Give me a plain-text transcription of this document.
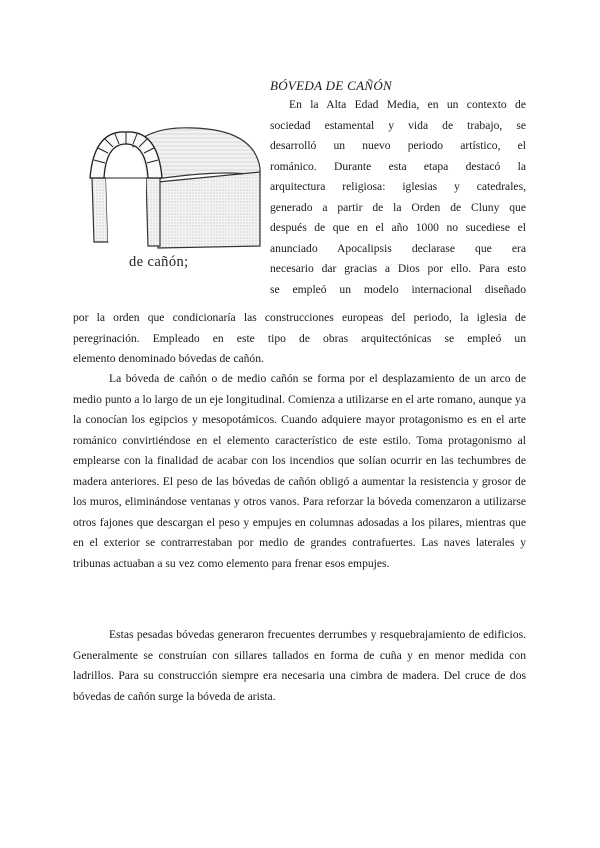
BÓVEDA DE CAÑÓN
de cañón;
En la Alta Edad Media, en un contexto de
sociedad estamental y vida de trabajo, se
desarrolló un nuevo periodo artístico, el
románico. Durante esta etapa destacó la
arquitectura religiosa: iglesias y catedrales,
generado a partir de la Orden de Cluny que
después de que en el año 1000 no sucediese el
anunciado Apocalipsis declarase que era
necesario dar gracias a Dios por ello. Para esto
se empleó un modelo internacional diseñado
por la orden que condicionaría las construcciones europeas del periodo, la iglesia de
peregrinación. Empleado en este tipo de obras arquitectónicas se empleó un
elemento denominado bóvedas de cañón.

La bóveda de cañón o de medio cañón se forma por el desplazamiento de un arco de medio punto a lo largo de un eje longitudinal. Comienza a utilizarse en el arte romano, aunque ya la conocían los egipcios y mesopotámicos. Cuando adquiere mayor protagonismo es en el arte románico convirtiéndose en el elemento característico de este estilo. Toma protagonismo al emplearse con la finalidad de acabar con los incendios que solían ocurrir en las techumbres de madera anteriores. El peso de las bóvedas de cañón obligó a aumentar la resistencia y grosor de los muros, eliminándose ventanas y otros vanos. Para reforzar la bóveda comenzaron a utilizarse otros fajones que descargan el peso y empujes en columnas adosadas a los pilares, mientras que en el exterior se contrarrestaban por medio de grandes contrafuertes. Las naves laterales y tribunas actuaban a su vez como elemento para frenar esos empujes.

Estas pesadas bóvedas generaron frecuentes derrumbes y resquebrajamiento de edificios. Generalmente se construían con sillares tallados en forma de cuña y en menor medida con ladrillos. Para su construcción siempre era necesaria una cimbra de madera. Del cruce de dos bóvedas de cañón surge la bóveda de arista.
